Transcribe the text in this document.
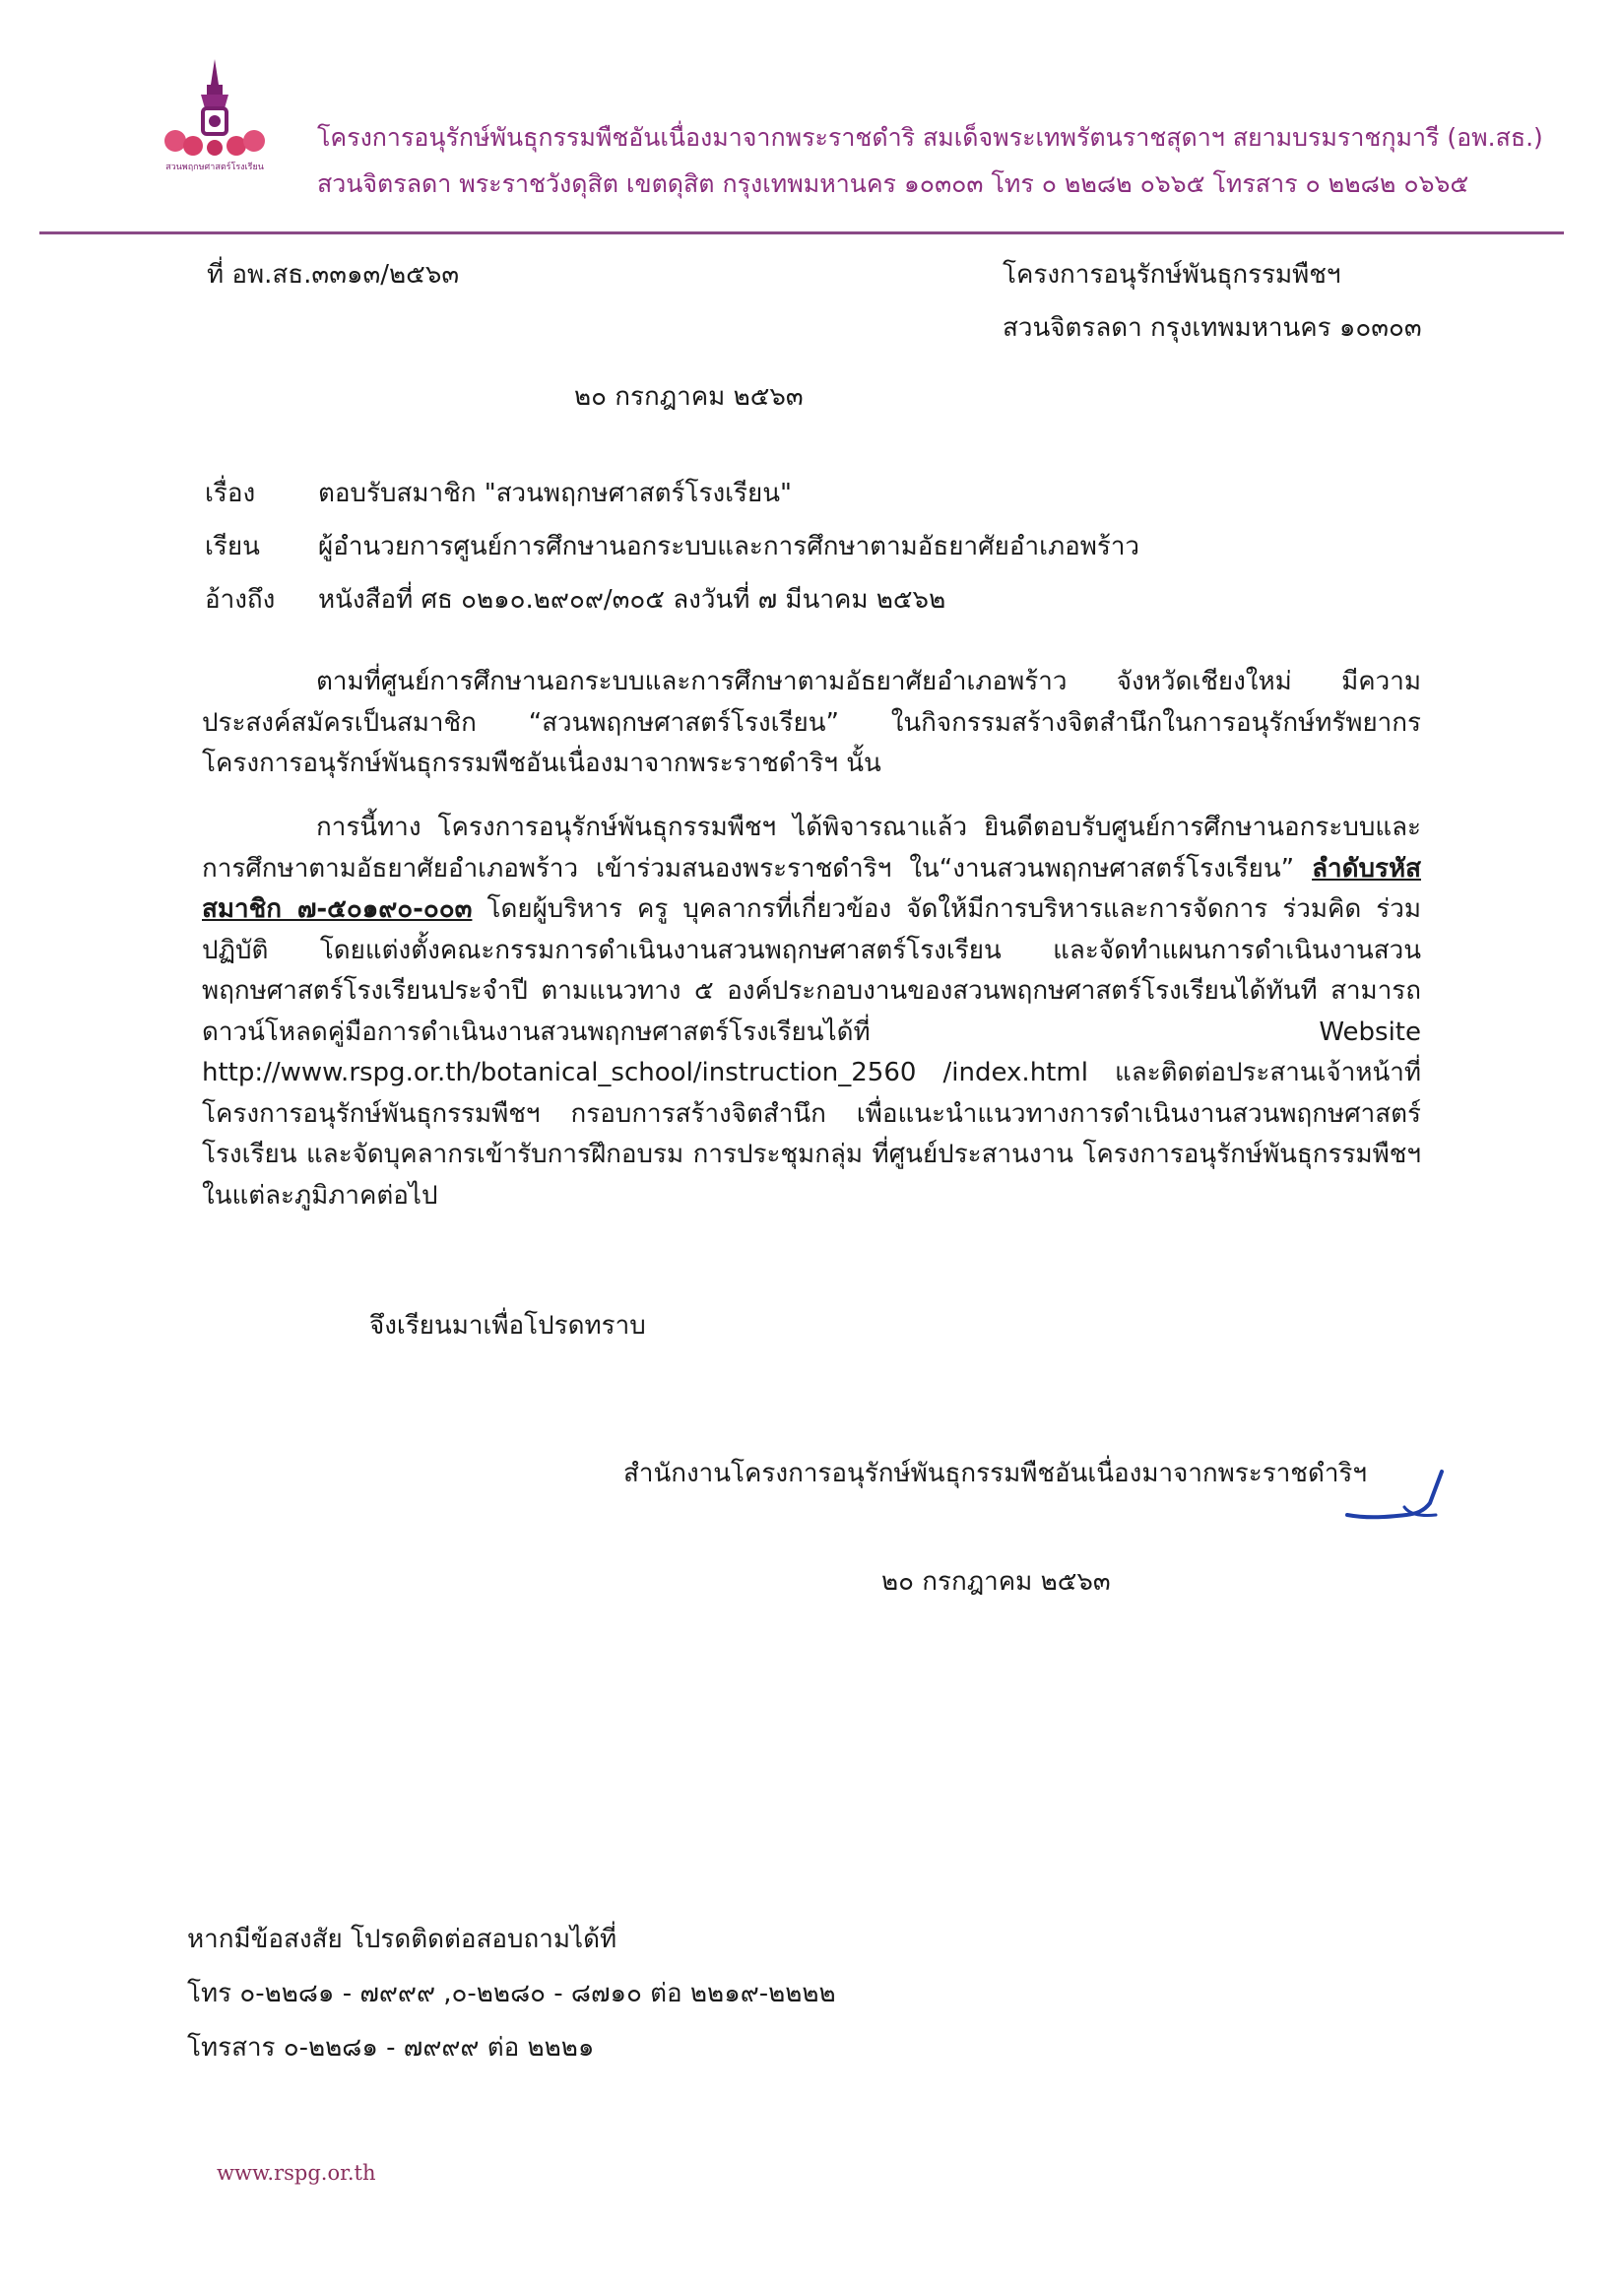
สวนพฤกษศาสตร์โรงเรียน
โครงการอนุรักษ์พันธุกรรมพืชอันเนื่องมาจากพระราชดำริ สมเด็จพระเทพรัตนราชสุดาฯ สยามบรมราชกุมารี (อพ.สธ.)
สวนจิตรลดา พระราชวังดุสิต เขตดุสิต กรุงเทพมหานคร ๑๐๓๐๓ โทร ๐ ๒๒๘๒ ๐๖๖๕ โทรสาร ๐ ๒๒๘๒ ๐๖๖๕
ที่ อพ.สธ.๓๓๑๓/๒๕๖๓	โครงการอนุรักษ์พันธุกรรมพืชฯ
สวนจิตรลดา กรุงเทพมหานคร ๑๐๓๐๓
๒๐ กรกฎาคม ๒๕๖๓
เรื่อง ตอบรับสมาชิก "สวนพฤกษศาสตร์โรงเรียน"
เรียน ผู้อำนวยการศูนย์การศึกษานอกระบบและการศึกษาตามอัธยาศัยอำเภอพร้าว
อ้างถึง หนังสือที่ ศธ ๐๒๑๐.๒๙๐๙/๓๐๕ ลงวันที่ ๗ มีนาคม ๒๕๖๒
ตามที่ศูนย์การศึกษานอกระบบและการศึกษาตามอัธยาศัยอำเภอพร้าว จังหวัดเชียงใหม่ มีความประสงค์สมัครเป็นสมาชิก “สวนพฤกษศาสตร์โรงเรียน” ในกิจกรรมสร้างจิตสำนึกในการอนุรักษ์ทรัพยากร โครงการอนุรักษ์พันธุกรรมพืชอันเนื่องมาจากพระราชดำริฯ นั้น
การนี้ทาง โครงการอนุรักษ์พันธุกรรมพืชฯ ได้พิจารณาแล้ว ยินดีตอบรับศูนย์การศึกษานอกระบบและการศึกษาตามอัธยาศัยอำเภอพร้าว เข้าร่วมสนองพระราชดำริฯ ใน“งานสวนพฤกษศาสตร์โรงเรียน” ลำดับรหัสสมาชิก ๗-๕๐๑๙๐-๐๐๓ โดยผู้บริหาร ครู บุคลากรที่เกี่ยวข้อง จัดให้มีการบริหารและการจัดการ ร่วมคิด ร่วมปฏิบัติ โดยแต่งตั้งคณะกรรมการดำเนินงานสวนพฤกษศาสตร์โรงเรียน และจัดทำแผนการดำเนินงานสวนพฤกษศาสตร์โรงเรียนประจำปี ตามแนวทาง ๕ องค์ประกอบงานของสวนพฤกษศาสตร์โรงเรียนได้ทันที สามารถดาวน์โหลดคู่มือการดำเนินงานสวนพฤกษศาสตร์โรงเรียนได้ที่ Website http://www.rspg.or.th/botanical_school/instruction_2560 /index.html และติดต่อประสานเจ้าหน้าที่ โครงการอนุรักษ์พันธุกรรมพืชฯ กรอบการสร้างจิตสำนึก เพื่อแนะนำแนวทางการดำเนินงานสวนพฤกษศาสตร์โรงเรียน และจัดบุคลากรเข้ารับการฝึกอบรม การประชุมกลุ่ม ที่ศูนย์ประสานงาน โครงการอนุรักษ์พันธุกรรมพืชฯ ในแต่ละภูมิภาคต่อไป
จึงเรียนมาเพื่อโปรดทราบ
สำนักงานโครงการอนุรักษ์พันธุกรรมพืชอันเนื่องมาจากพระราชดำริฯ
๒๐ กรกฎาคม ๒๕๖๓
หากมีข้อสงสัย โปรดติดต่อสอบถามได้ที่
โทร ๐-๒๒๘๑ - ๗๙๙๙ ,๐-๒๒๘๐ - ๘๗๑๐ ต่อ ๒๒๑๙-๒๒๒๒
โทรสาร ๐-๒๒๘๑ - ๗๙๙๙ ต่อ ๒๒๒๑
www.rspg.or.th
